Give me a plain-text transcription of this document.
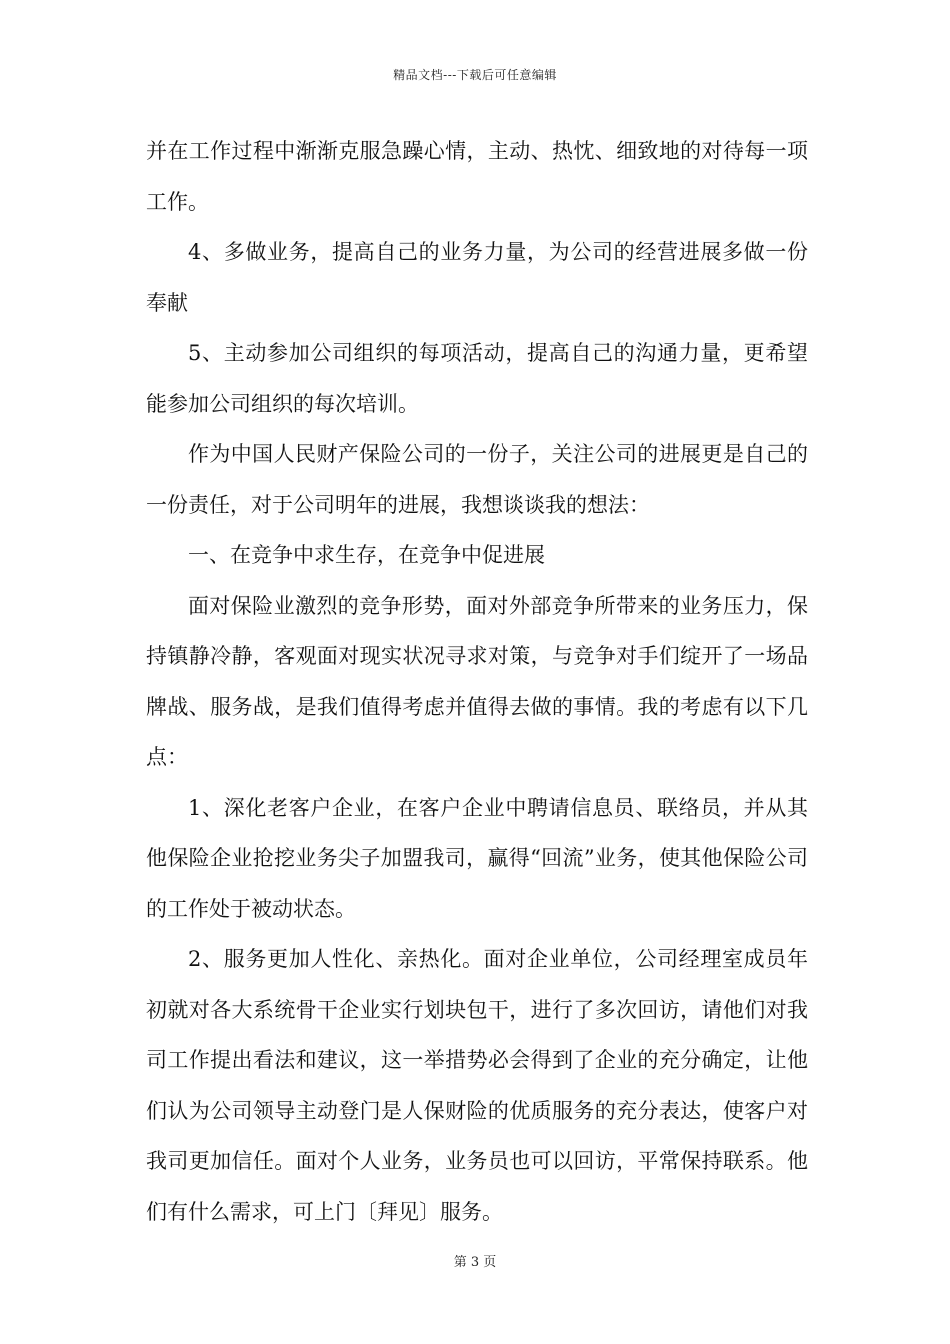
精品文档---下载后可任意编辑

并在工作过程中渐渐克服急躁心情，主动、热忱、细致地的对待每一项工作。

4、多做业务，提高自己的业务力量，为公司的经营进展多做一份奉献

5、主动参加公司组织的每项活动，提高自己的沟通力量，更希望能参加公司组织的每次培训。

作为中国人民财产保险公司的一份子，关注公司的进展更是自己的一份责任，对于公司明年的进展，我想谈谈我的想法：

一、在竞争中求生存，在竞争中促进展

面对保险业激烈的竞争形势，面对外部竞争所带来的业务压力，保持镇静冷静，客观面对现实状况寻求对策，与竞争对手们绽开了一场品牌战、服务战，是我们值得考虑并值得去做的事情。我的考虑有以下几点：

1、深化老客户企业，在客户企业中聘请信息员、联络员，并从其他保险企业抢挖业务尖子加盟我司，赢得“回流”业务，使其他保险公司的工作处于被动状态。

2、服务更加人性化、亲热化。面对企业单位，公司经理室成员年初就对各大系统骨干企业实行划块包干，进行了多次回访，请他们对我司工作提出看法和建议，这一举措势必会得到了企业的充分确定，让他们认为公司领导主动登门是人保财险的优质服务的充分表达，使客户对我司更加信任。面对个人业务，业务员也可以回访，平常保持联系。他们有什么需求，可上门〔拜见〕服务。

第 3 页
